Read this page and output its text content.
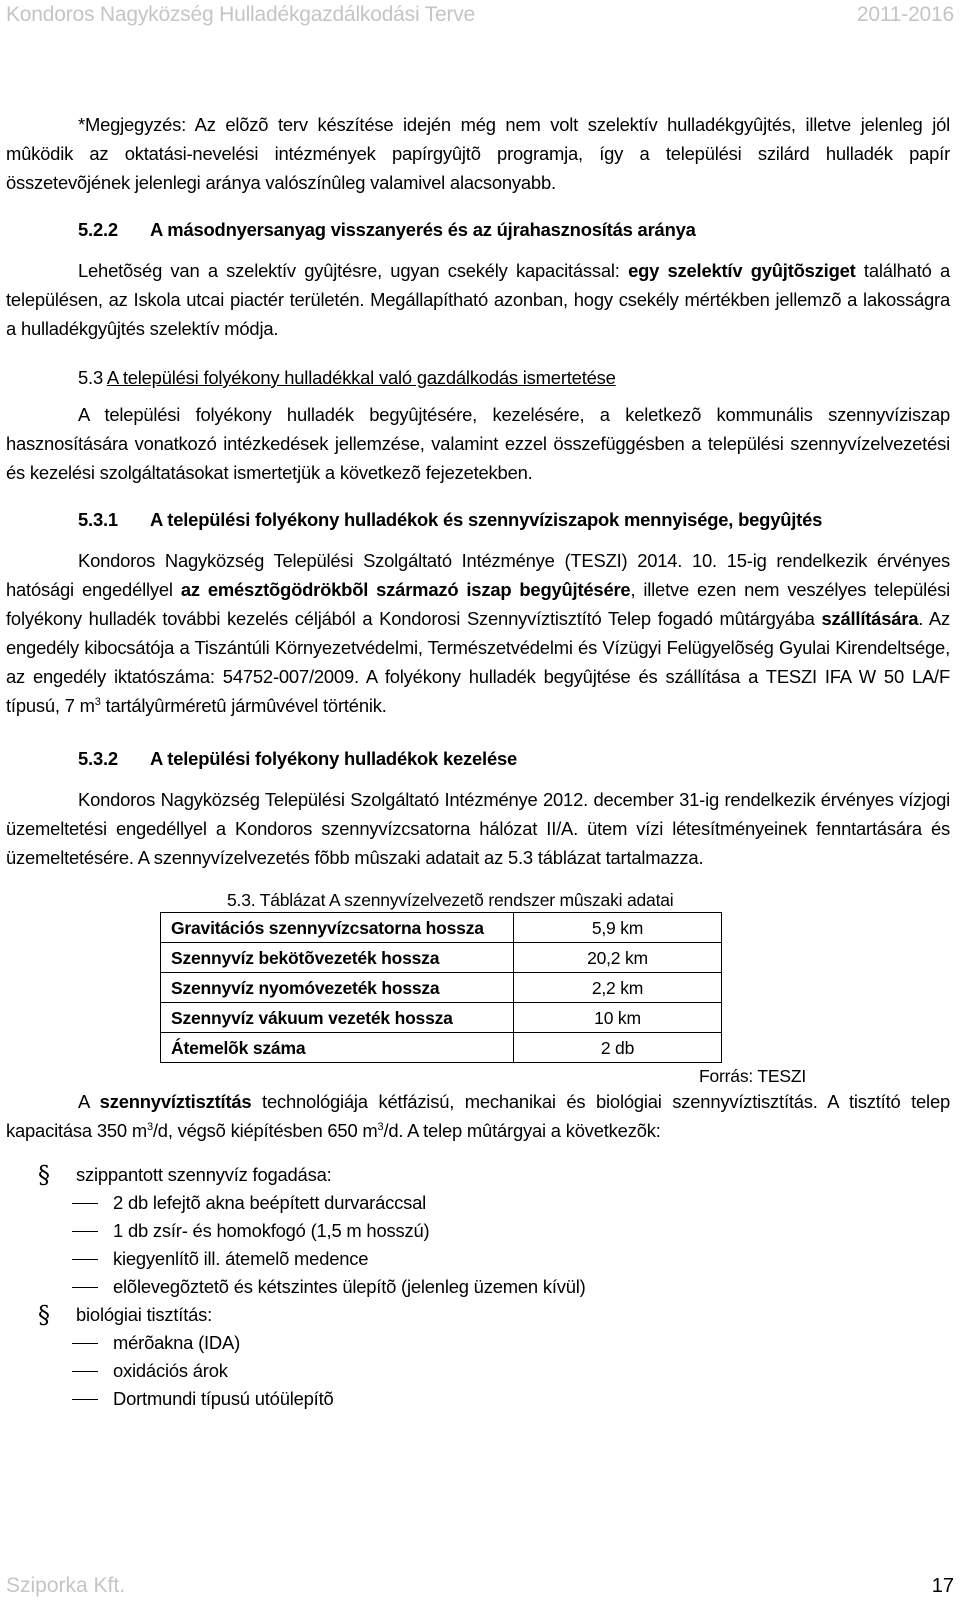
Kondoros Nagyközség Hulladékgazdálkodási Terve	2011-2016

*Megjegyzés: Az elõzõ terv készítése idején még nem volt szelektív hulladékgyûjtés, illetve jelenleg jól mûködik az oktatási-nevelési intézmények papírgyûjtõ programja, így a települési szilárd hulladék papír összetevõjének jelenlegi aránya valószínûleg valamivel alacsonyabb.

5.2.2 A másodnyersanyag visszanyerés és az újrahasznosítás aránya

Lehetõség van a szelektív gyûjtésre, ugyan csekély kapacitással: egy szelektív gyûjtõsziget található a településen, az Iskola utcai piactér területén. Megállapítható azonban, hogy csekély mértékben jellemzõ a lakosságra a hulladékgyûjtés szelektív módja.

5.3 A települési folyékony hulladékkal való gazdálkodás ismertetése

A települési folyékony hulladék begyûjtésére, kezelésére, a keletkezõ kommunális szennyvíziszap hasznosítására vonatkozó intézkedések jellemzése, valamint ezzel összefüggésben a települési szennyvízelvezetési és kezelési szolgáltatásokat ismertetjük a következõ fejezetekben.

5.3.1 A települési folyékony hulladékok és szennyvíziszapok mennyisége, begyûjtés

Kondoros Nagyközség Települési Szolgáltató Intézménye (TESZI) 2014. 10. 15-ig rendelkezik érvényes hatósági engedéllyel az emésztõgödrökbõl származó iszap begyûjtésére, illetve ezen nem veszélyes települési folyékony hulladék további kezelés céljából a Kondorosi Szennyvíztisztító Telep fogadó mûtárgyába szállítására. Az engedély kibocsátója a Tiszántúli Környezetvédelmi, Természetvédelmi és Vízügyi Felügyelõség Gyulai Kirendeltsége, az engedély iktatószáma: 54752-007/2009. A folyékony hulladék begyûjtése és szállítása a TESZI IFA W 50 LA/F típusú, 7 $m^3$ tartályûrméretû jármûvével történik.

5.3.2 A települési folyékony hulladékok kezelése

Kondoros Nagyközség Települési Szolgáltató Intézménye 2012. december 31-ig rendelkezik érvényes vízjogi üzemeltetési engedéllyel a Kondoros szennyvízcsatorna hálózat II/A. ütem vízi létesítményeinek fenntartására és üzemeltetésére. A szennyvízelvezetés fõbb mûszaki adatait az 5.3 táblázat tartalmazza.

5.3. Táblázat A szennyvízelvezetõ rendszer mûszaki adatai
Gravitációs szennyvízcsatorna hossza	5,9 km
Szennyvíz bekötõvezeték hossza	20,2 km
Szennyvíz nyomóvezeték hossza	2,2 km
Szennyvíz vákuum vezeték hossza	10 km
Átemelõk száma	2 db
Forrás: TESZI

A szennyvíztisztítás technológiája kétfázisú, mechanikai és biológiai szennyvíztisztítás. A tisztító telep kapacitása 350 $m^3/d$, végsõ kiépítésben 650 $m^3/d$. A telep mûtárgyai a következõk:

§ szippantott szennyvíz fogadása:
2 db lefejtõ akna beépített durvaráccsal
1 db zsír- és homokfogó (1,5 m hosszú)
kiegyenlítõ ill. átemelõ medence
elõlevegõztetõ és kétszintes ülepítõ (jelenleg üzemen kívül)
§ biológiai tisztítás:
mérõakna (IDA)
oxidációs árok
Dortmundi típusú utóülepítõ
Sziporka Kft.	17
